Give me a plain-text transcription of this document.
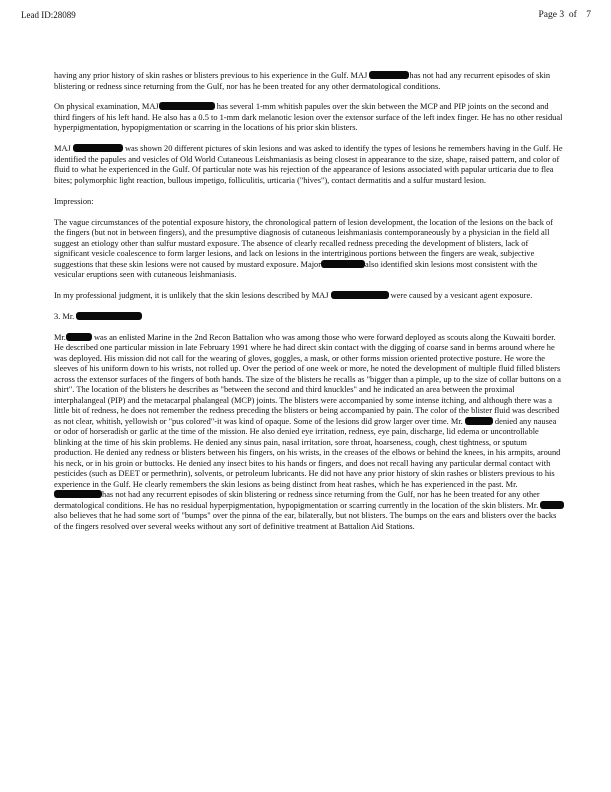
Lead ID:28089	Page 3 of 7

having any prior history of skin rashes or blisters previous to his experience in the Gulf. MAJ	has not had any recurrent episodes of skin blistering or redness since returning from the Gulf, nor has he been treated for any other dermatological conditions.

On physical examination, MAJ	has several 1-mm whitish papules over the skin between the MCP and PIP joints on the second and third fingers of his left hand. He also has a 0.5 to 1-mm dark melanotic lesion over the extensor surface of the left index finger. He has no other residual hyperpigmentation, hypopigmentation or scarring in the locations of his prior skin blisters.

MAJ	was shown 20 different pictures of skin lesions and was asked to identify the types of lesions he remembers having in the Gulf. He identified the papules and vesicles of Old World Cutaneous Leishmaniasis as being closest in appearance to the size, shape, raised pattern, and color of fluid to what he experienced in the Gulf. Of particular note was his rejection of the appearance of lesions associated with papular urticaria due to flea bites; polymorphic light reaction, bullous impetigo, folliculitis, urticaria ("hives"), contact dermatitis and a sulfur mustard lesion.

Impression:

The vague circumstances of the potential exposure history, the chronological pattern of lesion development, the location of the lesions on the back of the fingers (but not in between fingers), and the presumptive diagnosis of cutaneous leishmaniasis contemporaneously by a physician in the field all suggest an etiology other than sulfur mustard exposure. The absence of clearly recalled redness preceding the development of blisters, lack of significant vesicle coalescence to form larger lesions, and lack on lesions in the intertriginous portions between the fingers are weak, subjective suggestions that these skin lesions were not caused by mustard exposure. Major	also identified skin lesions most consistent with the vesicular eruptions seen with cutaneous leishmaniasis.

In my professional judgment, it is unlikely that the skin lesions described by MAJ	were caused by a vesicant agent exposure.

3. Mr.

Mr.	was an enlisted Marine in the 2nd Recon Battalion who was among those who were forward deployed as scouts along the Kuwaiti border. He described one particular mission in late February 1991 where he had direct skin contact with the digging of coarse sand in berms around where he was deployed. His mission did not call for the wearing of gloves, goggles, a mask, or other forms mission oriented protective posture. He wore the sleeves of his uniform down to his wrists, not rolled up. Over the period of one week or more, he noted the development of multiple fluid filled blisters across the extensor surfaces of the fingers of both hands. The size of the blisters he recalls as "bigger than a pimple, up to the size of collar buttons on a shirt". The location of the blisters he describes as "between the second and third knuckles" and he indicated an area between the proximal interphalangeal (PIP) and the metacarpal phalangeal (MCP) joints. The blisters were accompanied by some intense itching, and although there was a little bit of redness, he does not remember the redness preceding the blisters or being accompanied by pain. The color of the blister fluid was described as not clear, whitish, yellowish or "pus colored"-it was kind of opaque. Some of the lesions did grow larger over time. Mr.	denied any nausea or odor of horseradish or garlic at the time of the mission. He also denied eye irritation, redness, eye pain, discharge, lid edema or uncontrollable blinking at the time of his skin problems. He denied any sinus pain, nasal irritation, sore throat, hoarseness, cough, chest tightness, or sputum production. He denied any redness or blisters between his fingers, on his wrists, in the creases of the elbows or behind the knees, in his armpits, around his neck, or in his groin or buttocks. He denied any insect bites to his hands or fingers, and does not recall having any particular dermal contact with pesticides (such as DEET or permethrin), solvents, or petroleum lubricants. He did not have any prior history of skin rashes or blisters previous to his experience in the Gulf. He clearly remembers the skin lesions as being distinct from heat rashes, which he has experienced in the past. Mr. has not had any recurrent episodes of skin blistering or redness since returning from the Gulf, nor has he been treated for any other dermatological conditions. He has no residual hyperpigmentation, hypopigmentation or scarring currently in the location of the skin blisters. Mr.  also believes that he had some sort of "bumps" over the pinna of the ear, bilaterally, but not blisters. The bumps on the ears and blisters over the backs of the fingers resolved over several weeks without any sort of definitive treatment at Battalion Aid Stations.
